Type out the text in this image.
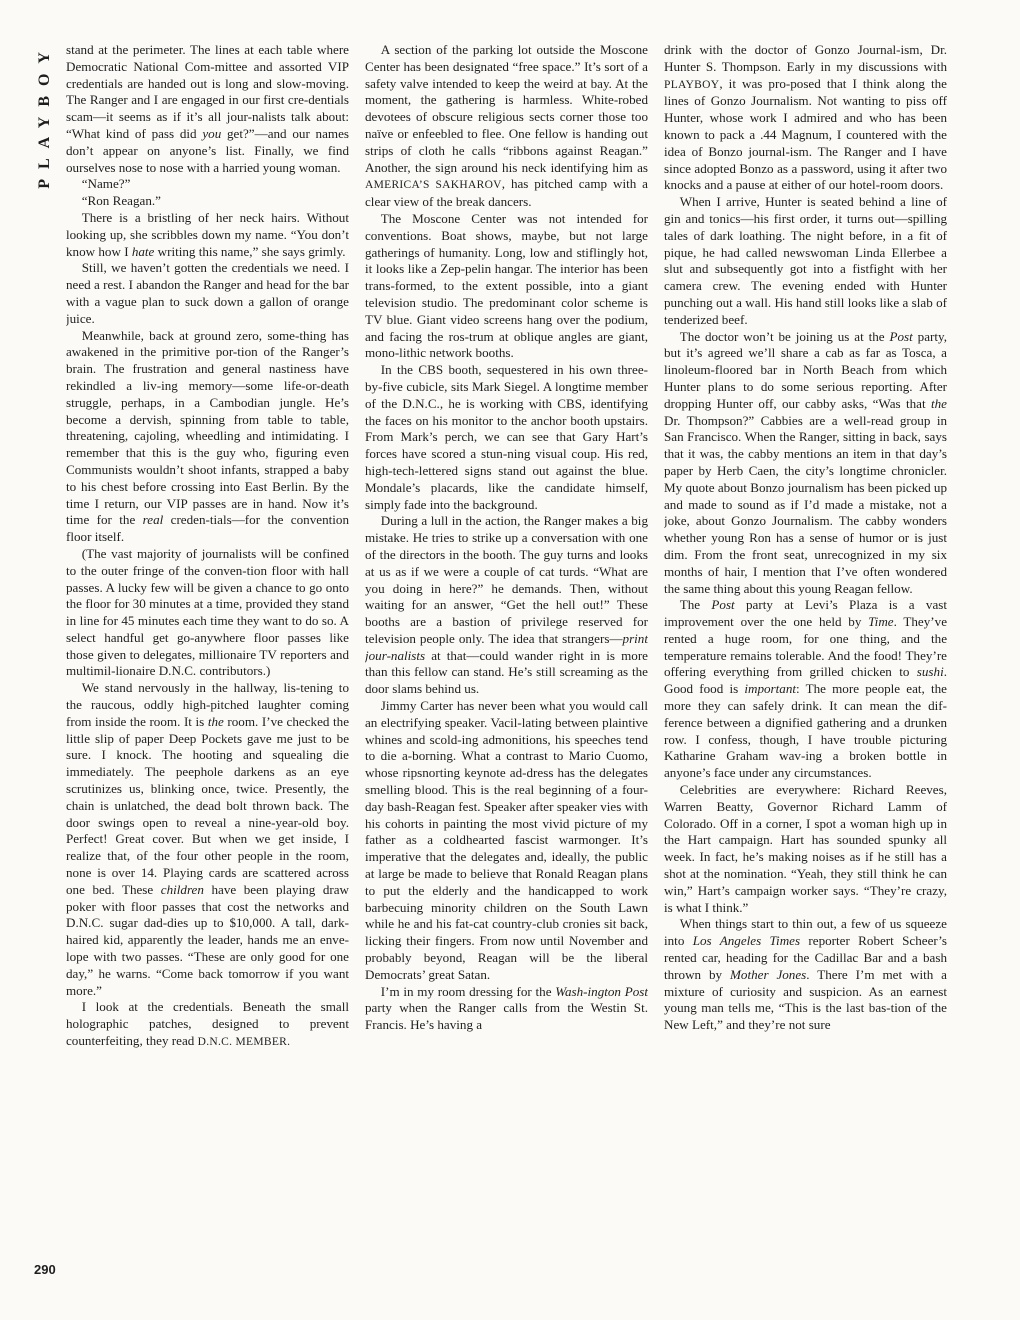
PLAYBOY stand at the perimeter. The lines at each table where Democratic National Com-mittee and assorted VIP credentials are handed out is long and slow-moving. The Ranger and I are engaged in our first cre-dentials scam—it seems as if it’s all jour-nalists talk about: “What kind of pass did you get?”—and our names don’t appear on anyone’s list. Finally, we find ourselves nose to nose with a harried young woman.

“Name?”

“Ron Reagan.”

There is a bristling of her neck hairs. Without looking up, she scribbles down my name. “You don’t know how I hate writing this name,” she says grimly.

Still, we haven’t gotten the credentials we need. I need a rest. I abandon the Ranger and head for the bar with a vague plan to suck down a gallon of orange juice.

Meanwhile, back at ground zero, some-thing has awakened in the primitive por-tion of the Ranger’s brain. The frustration and general nastiness have rekindled a liv-ing memory—some life-or-death struggle, perhaps, in a Cambodian jungle. He’s become a dervish, spinning from table to table, threatening, cajoling, wheedling and intimidating. I remember that this is the guy who, figuring even Communists wouldn’t shoot infants, strapped a baby to his chest before crossing into East Berlin. By the time I return, our VIP passes are in hand. Now it’s time for the real creden-tials—for the convention floor itself.

(The vast majority of journalists will be confined to the outer fringe of the conven-tion floor with hall passes. A lucky few will be given a chance to go onto the floor for 30 minutes at a time, provided they stand in line for 45 minutes each time they want to do so. A select handful get go-anywhere floor passes like those given to delegates, millionaire TV reporters and multimil-lionaire D.N.C. contributors.)

We stand nervously in the hallway, lis-tening to the raucous, oddly high-pitched laughter coming from inside the room. It is the room. I’ve checked the little slip of paper Deep Pockets gave me just to be sure. I knock. The hooting and squealing die immediately. The peephole darkens as an eye scrutinizes us, blinking once, twice. Presently, the chain is unlatched, the dead bolt thrown back. The door swings open to reveal a nine-year-old boy. Perfect! Great cover. But when we get inside, I realize that, of the four other people in the room, none is over 14. Playing cards are scattered across one bed. These children have been playing draw poker with floor passes that cost the networks and D.N.C. sugar dad-dies up to $10,000. A tall, dark-haired kid, apparently the leader, hands me an enve-lope with two passes. “These are only good for one day,” he warns. “Come back tomorrow if you want more.”

I look at the credentials. Beneath the small holographic patches, designed to prevent counterfeiting, they read D.N.C. MEMBER.

A section of the parking lot outside the Moscone Center has been designated “free space.” It’s sort of a safety valve intended to keep the weird at bay. At the moment, the gathering is harmless. White-robed devotees of obscure religious sects corner those too naïve or enfeebled to flee. One fellow is handing out strips of cloth he calls “ribbons against Reagan.” Another, the sign around his neck identifying him as AMERICA’S SAKHAROV, has pitched camp with a clear view of the break dancers.

The Moscone Center was not intended for conventions. Boat shows, maybe, but not large gatherings of humanity. Long, low and stiflingly hot, it looks like a Zep-pelin hangar. The interior has been trans-formed, to the extent possible, into a giant television studio. The predominant color scheme is TV blue. Giant video screens hang over the podium, and facing the ros-trum at oblique angles are giant, mono-lithic network booths.

In the CBS booth, sequestered in his own three-by-five cubicle, sits Mark Siegel. A longtime member of the D.N.C., he is working with CBS, identifying the faces on his monitor to the anchor booth upstairs. From Mark’s perch, we can see that Gary Hart’s forces have scored a stun-ning visual coup. His red, high-tech-lettered signs stand out against the blue. Mondale’s placards, like the candidate himself, simply fade into the background.

During a lull in the action, the Ranger makes a big mistake. He tries to strike up a conversation with one of the directors in the booth. The guy turns and looks at us as if we were a couple of cat turds. “What are you doing in here?” he demands. Then, without waiting for an answer, “Get the hell out!” These booths are a bastion of privilege reserved for television people only. The idea that strangers—print jour-nalists at that—could wander right in is more than this fellow can stand. He’s still screaming as the door slams behind us.

Jimmy Carter has never been what you would call an electrifying speaker. Vacil-lating between plaintive whines and scold-ing admonitions, his speeches tend to die a-borning. What a contrast to Mario Cuomo, whose ripsnorting keynote ad-dress has the delegates smelling blood. This is the real beginning of a four-day bash-Reagan fest. Speaker after speaker vies with his cohorts in painting the most vivid picture of my father as a coldhearted fascist warmonger. It’s imperative that the delegates and, ideally, the public at large be made to believe that Ronald Reagan plans to put the elderly and the handicapped to work barbecuing minority children on the South Lawn while he and his fat-cat country-club cronies sit back, licking their fingers. From now until November and probably beyond, Reagan will be the liberal Democrats’ great Satan.

I’m in my room dressing for the Wash-ington Post party when the Ranger calls from the Westin St. Francis. He’s having a

drink with the doctor of Gonzo Journal-ism, Dr. Hunter S. Thompson. Early in my discussions with PLAYBOY, it was pro-posed that I think along the lines of Gonzo Journalism. Not wanting to piss off Hunter, whose work I admired and who has been known to pack a .44 Magnum, I countered with the idea of Bonzo journal-ism. The Ranger and I have since adopted Bonzo as a password, using it after two knocks and a pause at either of our hotel-room doors.

When I arrive, Hunter is seated behind a line of gin and tonics—his first order, it turns out—spilling tales of dark loathing. The night before, in a fit of pique, he had called newswoman Linda Ellerbee a slut and subsequently got into a fistfight with her camera crew. The evening ended with Hunter punching out a wall. His hand still looks like a slab of tenderized beef.

The doctor won’t be joining us at the Post party, but it’s agreed we’ll share a cab as far as Tosca, a linoleum-floored bar in North Beach from which Hunter plans to do some serious reporting. After dropping Hunter off, our cabby asks, “Was that the Dr. Thompson?” Cabbies are a well-read group in San Francisco. When the Ranger, sitting in back, says that it was, the cabby mentions an item in that day’s paper by Herb Caen, the city’s longtime chronicler. My quote about Bonzo journalism has been picked up and made to sound as if I’d made a mistake, not a joke, about Gonzo Journalism. The cabby wonders whether young Ron has a sense of humor or is just dim. From the front seat, unrecognized in my six months of hair, I mention that I’ve often wondered the same thing about this young Reagan fellow.

The Post party at Levi’s Plaza is a vast improvement over the one held by Time. They’ve rented a huge room, for one thing, and the temperature remains tolerable. And the food! They’re offering everything from grilled chicken to sushi. Good food is important: The more people eat, the more they can safely drink. It can mean the dif-ference between a dignified gathering and a drunken row. I confess, though, I have trouble picturing Katharine Graham wav-ing a broken bottle in anyone’s face under any circumstances.

Celebrities are everywhere: Richard Reeves, Warren Beatty, Governor Richard Lamm of Colorado. Off in a corner, I spot a woman high up in the Hart campaign. Hart has sounded spunky all week. In fact, he’s making noises as if he still has a shot at the nomination. “Yeah, they still think he can win,” Hart’s campaign worker says. “They’re crazy, is what I think.”

When things start to thin out, a few of us squeeze into Los Angeles Times reporter Robert Scheer’s rented car, heading for the Cadillac Bar and a bash thrown by Mother Jones. There I’m met with a mixture of curiosity and suspicion. As an earnest young man tells me, “This is the last bas-tion of the New Left,” and they’re not sure

290
